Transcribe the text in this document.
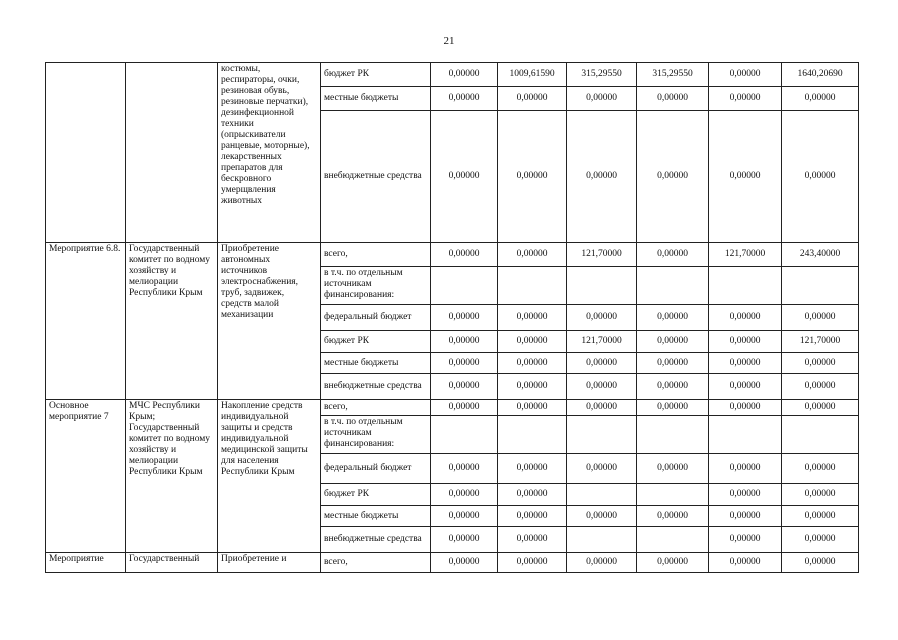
21
		костюмы, респираторы, очки, резиновая обувь, резиновые перчатки), дезинфекционной техники (опрыскиватели ранцевые, моторные), лекарственных препаратов для бескровного умерщвления животных	бюджет РК	0,00000	1009,61590	315,29550	315,29550	0,00000	1640,20690
			местные бюджеты	0,00000	0,00000	0,00000	0,00000	0,00000	0,00000
			внебюджетные средства	0,00000	0,00000	0,00000	0,00000	0,00000	0,00000
Мероприятие 6.8.	Государственный комитет по водному хозяйству и мелиорации Республики Крым	Приобретение автономных источников электроснабжения, труб, задвижек, средств малой механизации	всего,	0,00000	0,00000	121,70000	0,00000	121,70000	243,40000
			в т.ч. по отдельным источникам финансирования:						
			федеральный бюджет	0,00000	0,00000	0,00000	0,00000	0,00000	0,00000
			бюджет РК	0,00000	0,00000	121,70000	0,00000	0,00000	121,70000
			местные бюджеты	0,00000	0,00000	0,00000	0,00000	0,00000	0,00000
			внебюджетные средства	0,00000	0,00000	0,00000	0,00000	0,00000	0,00000
Основное мероприятие 7	МЧС Республики Крым; Государственный комитет по водному хозяйству и мелиорации Республики Крым	Накопление средств индивидуальной защиты и средств индивидуальной медицинской защиты для населения Республики Крым	всего,	0,00000	0,00000	0,00000	0,00000	0,00000	0,00000
			в т.ч. по отдельным источникам финансирования:						
			федеральный бюджет	0,00000	0,00000	0,00000	0,00000	0,00000	0,00000
			бюджет РК	0,00000	0,00000			0,00000	0,00000
			местные бюджеты	0,00000	0,00000	0,00000	0,00000	0,00000	0,00000
			внебюджетные средства	0,00000	0,00000			0,00000	0,00000
Мероприятие	Государственный	Приобретение и	всего,	0,00000	0,00000	0,00000	0,00000	0,00000	0,00000
